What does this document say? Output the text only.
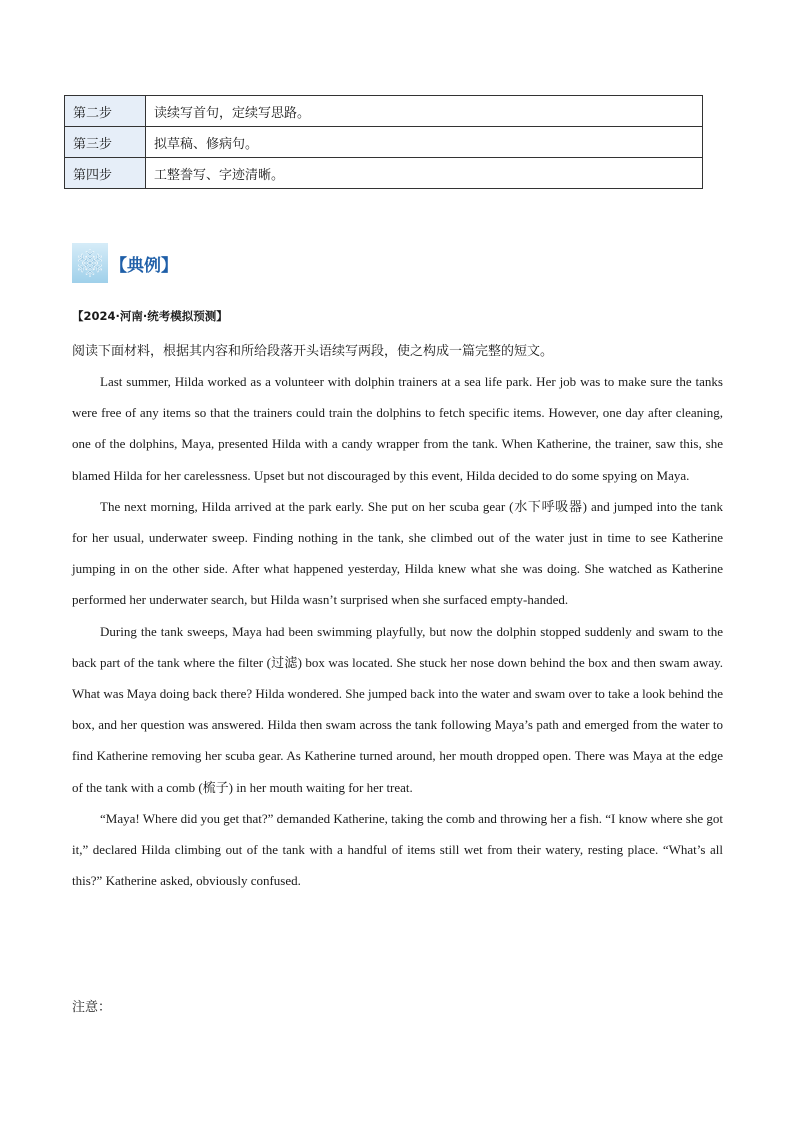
第二步	读续写首句，定续写思路。
第三步	拟草稿、修病句。
第四步	工整誊写、字迹清晰。
【典例】
【2024·河南·统考模拟预测】
阅读下面材料，根据其内容和所给段落开头语续写两段，使之构成一篇完整的短文。

Last summer, Hilda worked as a volunteer with dolphin trainers at a sea life park. Her job was to make sure the tanks were free of any items so that the trainers could train the dolphins to fetch specific items. However, one day after cleaning, one of the dolphins, Maya, presented Hilda with a candy wrapper from the tank. When Katherine, the trainer, saw this, she blamed Hilda for her carelessness. Upset but not discouraged by this event, Hilda decided to do some spying on Maya.

The next morning, Hilda arrived at the park early. She put on her scuba gear (水下呼吸器) and jumped into the tank for her usual, underwater sweep. Finding nothing in the tank, she climbed out of the water just in time to see Katherine jumping in on the other side. After what happened yesterday, Hilda knew what she was doing. She watched as Katherine performed her underwater search, but Hilda wasn’t surprised when she surfaced empty-handed.

During the tank sweeps, Maya had been swimming playfully, but now the dolphin stopped suddenly and swam to the back part of the tank where the filter (过滤) box was located. She stuck her nose down behind the box and then swam away. What was Maya doing back there? Hilda wondered. She jumped back into the water and swam over to take a look behind the box, and her question was answered. Hilda then swam across the tank following Maya’s path and emerged from the water to find Katherine removing her scuba gear. As Katherine turned around, her mouth dropped open. There was Maya at the edge of the tank with a comb (梳子) in her mouth waiting for her treat.

“Maya! Where did you get that?” demanded Katherine, taking the comb and throwing her a fish. “I know where she got it,” declared Hilda climbing out of the tank with a handful of items still wet from their watery, resting place. “What’s all this?” Katherine asked, obviously confused.

注意：
